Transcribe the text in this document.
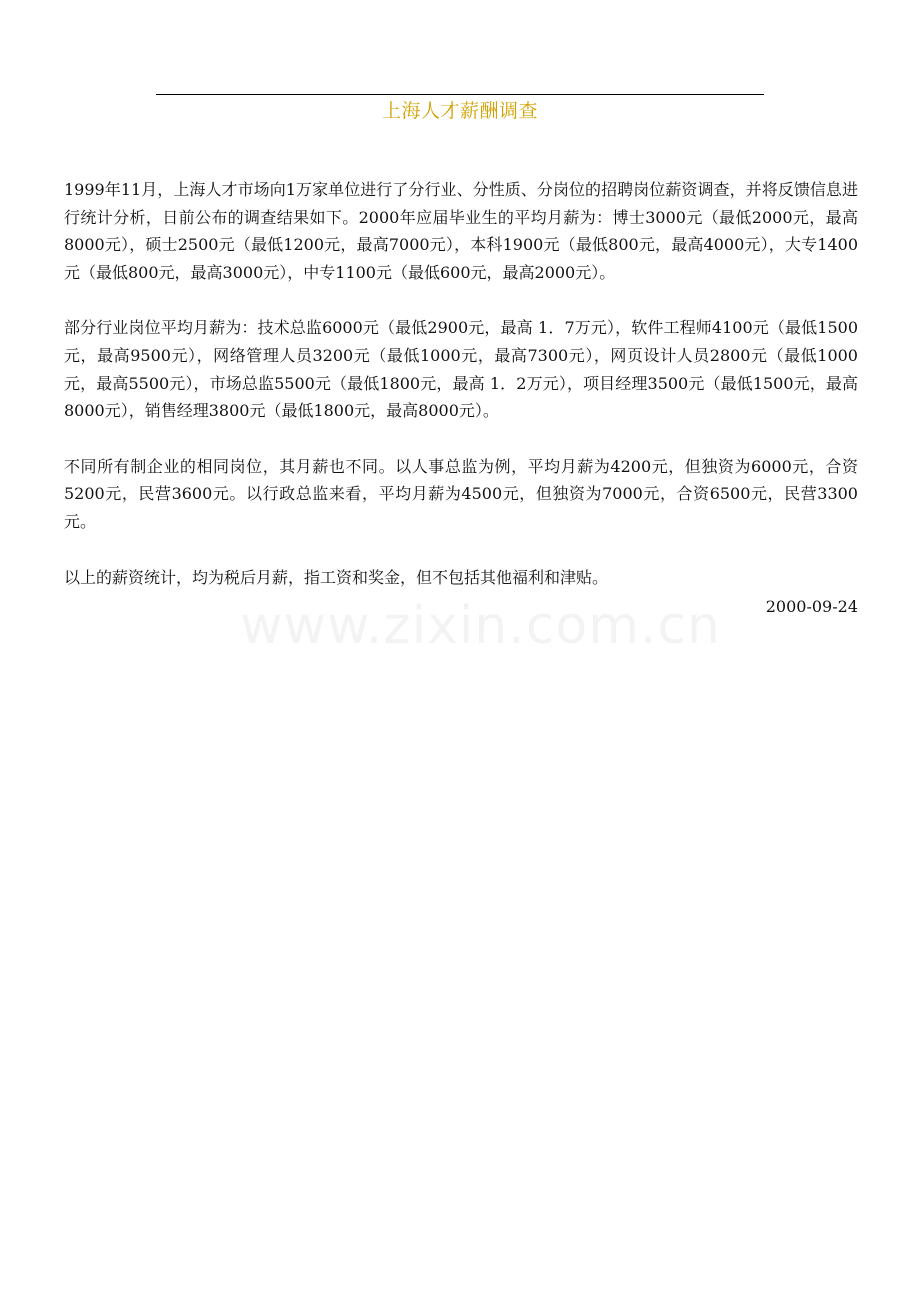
上海人才薪酬调查

1999年11月，上海人才市场向1万家单位进行了分行业、分性质、分岗位的招聘岗位薪资调查，并将反馈信息进行统计分析，日前公布的调查结果如下。2000年应届毕业生的平均月薪为：博士3000元（最低2000元，最高8000元），硕士2500元（最低1200元，最高7000元），本科1900元（最低800元，最高4000元），大专1400元（最低800元，最高3000元），中专1100元（最低600元，最高2000元）。

部分行业岗位平均月薪为：技术总监6000元（最低2900元，最高 1．7万元），软件工程师4100元（最低1500元，最高9500元），网络管理人员3200元（最低1000元，最高7300元），网页设计人员2800元（最低1000元，最高5500元），市场总监5500元（最低1800元，最高 1．2万元），项目经理3500元（最低1500元，最高8000元），销售经理3800元（最低1800元，最高8000元）。

不同所有制企业的相同岗位，其月薪也不同。以人事总监为例，平均月薪为4200元，但独资为6000元，合资5200元，民营3600元。以行政总监来看，平均月薪为4500元，但独资为7000元，合资6500元，民营3300元。

以上的薪资统计，均为税后月薪，指工资和奖金，但不包括其他福利和津贴。

2000-09-24
